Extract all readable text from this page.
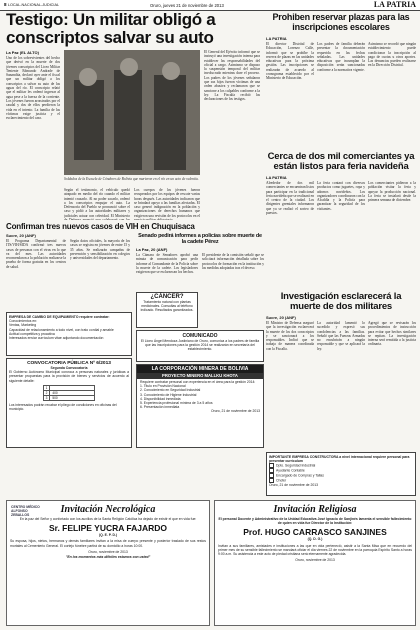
8 LOCAL-NACIONAL-JUDICIAL	Oruro, jueves 21 de noviembre de 2013	LA PATRIA
Testigo: Un militar obligó a conscriptos salvar su auto
La Paz (EL ALTO)
Uno de los sobrevivientes del hecho que derivó en la muerte de dos jóvenes conscriptos del Liceo Militar Teniente Edmundo Andrade de Sanandita, declaró ayer ante el fiscal que un militar obligó a los conscriptos a salvar su auto de las aguas del río. El conscripto relató que el militar les ordenó ingresar al agua pese a la fuerza de la corriente. Los jóvenes fueron arrastrados por el caudal y dos de ellos perdieron la vida en el intento. La familia de las víctimas exige justicia y el esclarecimiento del caso.
Soldados de la Escuela de Cóndores de Bolivia que murieron en el río en un acto de valentía.
El General del Ejército informó que se instruyó una investigación interna para establecer las responsabilidades del oficial a cargo. Asimismo se dispuso la suspensión temporal del militar involucrado mientras dure el proceso. Los padres de los jóvenes señalaron que sus hijos fueron víctimas de una orden abusiva y reclamaron que se sancione a los culpables conforme a la ley. La Fiscalía recibió las declaraciones de los testigos.
Según el testimonio, el vehículo quedó atrapado en medio del río cuando el militar intentó cruzarlo. Al no poder sacarlo, ordenó a los conscriptos empujar el auto. La Defensoría del Pueblo se pronunció sobre el caso y pidió a las autoridades militares y judiciales actuar con celeridad. El Ministerio
Los cuerpos de los jóvenes fueron recuperados por los equipos de rescate varias horas después. Las autoridades indicaron que se brindará apoyo a las familias afectadas. El caso generó indignación en la población y organizaciones de derechos humanos que exigieron una revisión de los protocolos en el
Prohiben reservar plazas para las inscripciones escolares
LA PATRIA
El director Distrital de Educación, Lorenzo Calle, informó que se prohíbe la reserva de plazas en las unidades educativas para la próxima gestión. Las inscripciones se realizarán de acuerdo al cronograma establecido por el Ministerio de Educación.
Los padres de familia deberán presentar la documentación requerida en las fechas señaladas. Las unidades educativas que incumplan la disposición serán sancionadas conforme a la normativa vigente.
Asimismo se recordó que ningún establecimiento puede condicionar la inscripción al pago de cuotas u otros aportes. Las denuncias pueden realizarse en la Dirección Distrital.
Cerca de dos mil comerciantes ya están listos para feria navideña
LA PATRIA
Alrededor de dos mil comerciantes se encuentran listos para participar en la tradicional feria navideña que se realizará en el centro de la ciudad. Los dirigentes gremiales informaron que ya se realizó el sorteo de puestos.
La feria contará con diversos productos como juguetes, ropa y adornos navideños. Los organizadores coordinaron con la Alcaldía y la Policía para garantizar la seguridad de los visitantes.
Los comerciantes pidieron a la población visitar la feria y apoyar la producción nacional. La feria se instalará desde la primera semana de diciembre.
Confirman tres nuevos casos de VIH en Chuquisaca
Sucre, 20 (ANF)
El Programa Departamental de ITS/VIH/SIDA confirmó tres nuevos casos de personas con el virus en lo que va del mes. Las autoridades recomendaron a la población realizarse la prueba de forma gratuita en los centros de salud.
Según datos oficiales, la mayoría de los casos se registra en jóvenes de entre 15 y 35 años. Se realizarán campañas de prevención y sensibilización en colegios y universidades del departamento.
Senado pedirá informes a policías sobre muerte de la cadete Pérez
La Paz, 20 (ANF)
La Cámara de Senadores aprobó una minuta de comunicación para pedir informe al Comandante de la Policía sobre la muerte de la cadete. Los legisladores exigieron que se esclarezcan los hechos.
El presidente de la comisión señaló que se solicitará información detallada sobre los protocolos de formación en la institución y las medidas adoptadas tras el deceso.
¿CÁNCER?
Tratamiento natural con plantas medicinales. Consultas al teléfono indicado. Resultados garantizados.
EMPRESA DE CAMBIO DE EQUIPAMIENTO requiere contratar:
Conocimientos en:
Ventas, Marketing
Capacidad de relacionamiento a todo nivel, con trato cordial y amable
Actitud competitiva y proactiva
Interesados enviar currículum vitae adjuntando documentación
CONVOCATORIA PÚBLICA Nº 6/2013
Segunda Convocatoria
El Gobierno Autónomo Municipal convoca a personas naturales y jurídicas a presentar propuestas para la provisión de bienes y servicios de acuerdo al siguiente detalle:
1	
2	400
3	500
Los interesados podrán recabar el pliego de condiciones en oficinas del municipio.
COMUNICADO
El Liceo Ángel Mendoza Justiniano de Oruro, comunica a los padres de familia que las inscripciones para la gestión 2014 se realizarán en secretaría del establecimiento.
LA CORPORACIÓN MINERA DE BOLIVIA
PROYECTO MINERO MALLKU KHOTA
Requiere contratar personal con experiencia en el área para la gestión 2014:
1. Titulo en Provisión Nacional
2. Conocimiento en Seguridad Industrial
3. Conocimiento de Higiene Industrial
4. Disponibilidad inmediata
5. Experiencia profesional mínima de 3 a 5 años
6. Presentación inmediata
Oruro, 21 de noviembre de 2013
Investigación esclarecerá la muerte de dos militares
Sucre, 20 (ANF)
El Ministro de Defensa aseguró que la investigación esclarecerá la muerte de los dos conscriptos y se sancionará a los responsables. Indicó que se trabaja de manera coordinada con la Fiscalía.
La autoridad lamentó lo sucedido y expresó sus condolencias a las familias. Señaló que las Fuerzas Armadas no encubrirán a ningún responsable y que se aplicará la ley.
Agregó que se revisarán los procedimientos de instrucción para evitar que hechos similares se repitan. La investigación interna será remitida a la justicia ordinaria.
IMPORTANTE EMPRESA CONSTRUCTORA a nivel internacional requiere personal para presentar currículum
Dpto. Seguridad Industrial
Ayudante Contable
Encargado de Compras y Tallas
Chofer
Oruro, 21 de noviembre de 2013
Invitación Necrológica
CENTRO MÉDICO ALFONSO ZEBALLOS
En la paz del Señor y confortado con los auxilios de la Santa Religión Católica ha dejado de existir el que en vida fue:
Sr. FELIPE YUCRA FAJARDO
(Q. E. P. D.)
Su esposa, hijos, nietos, hermanos y demás familiares invitan a la misa de cuerpo presente y posterior traslado de sus restos mortales al Cementerio General. El cortejo fúnebre partirá de su domicilio a horas 10:00.
Oruro, noviembre de 2013
"En los momentos más difíciles estamos con usted"
Invitación Religiosa
El personal Docente y Administrativo de la Unidad Educativa José Ignacio de Sanjinés lamenta el sensible fallecimiento de quien en vida fue Director de la Institución:
Prof. HUGO CARRASCO SANJINES
(Q. D. G.)
Invitan a sus familiares, amistades e instituciones a las que en vida perteneció, asistir a la Santa Misa que en recuerdo del primer mes de su sensible fallecimiento se mandará oficiar el día viernes 22 de noviembre en la parroquia Espíritu Santo a horas 9:00 a.m. Su asistencia a este acto de piedad cristiana será eternamente agradecida.
Oruro, noviembre de 2013
